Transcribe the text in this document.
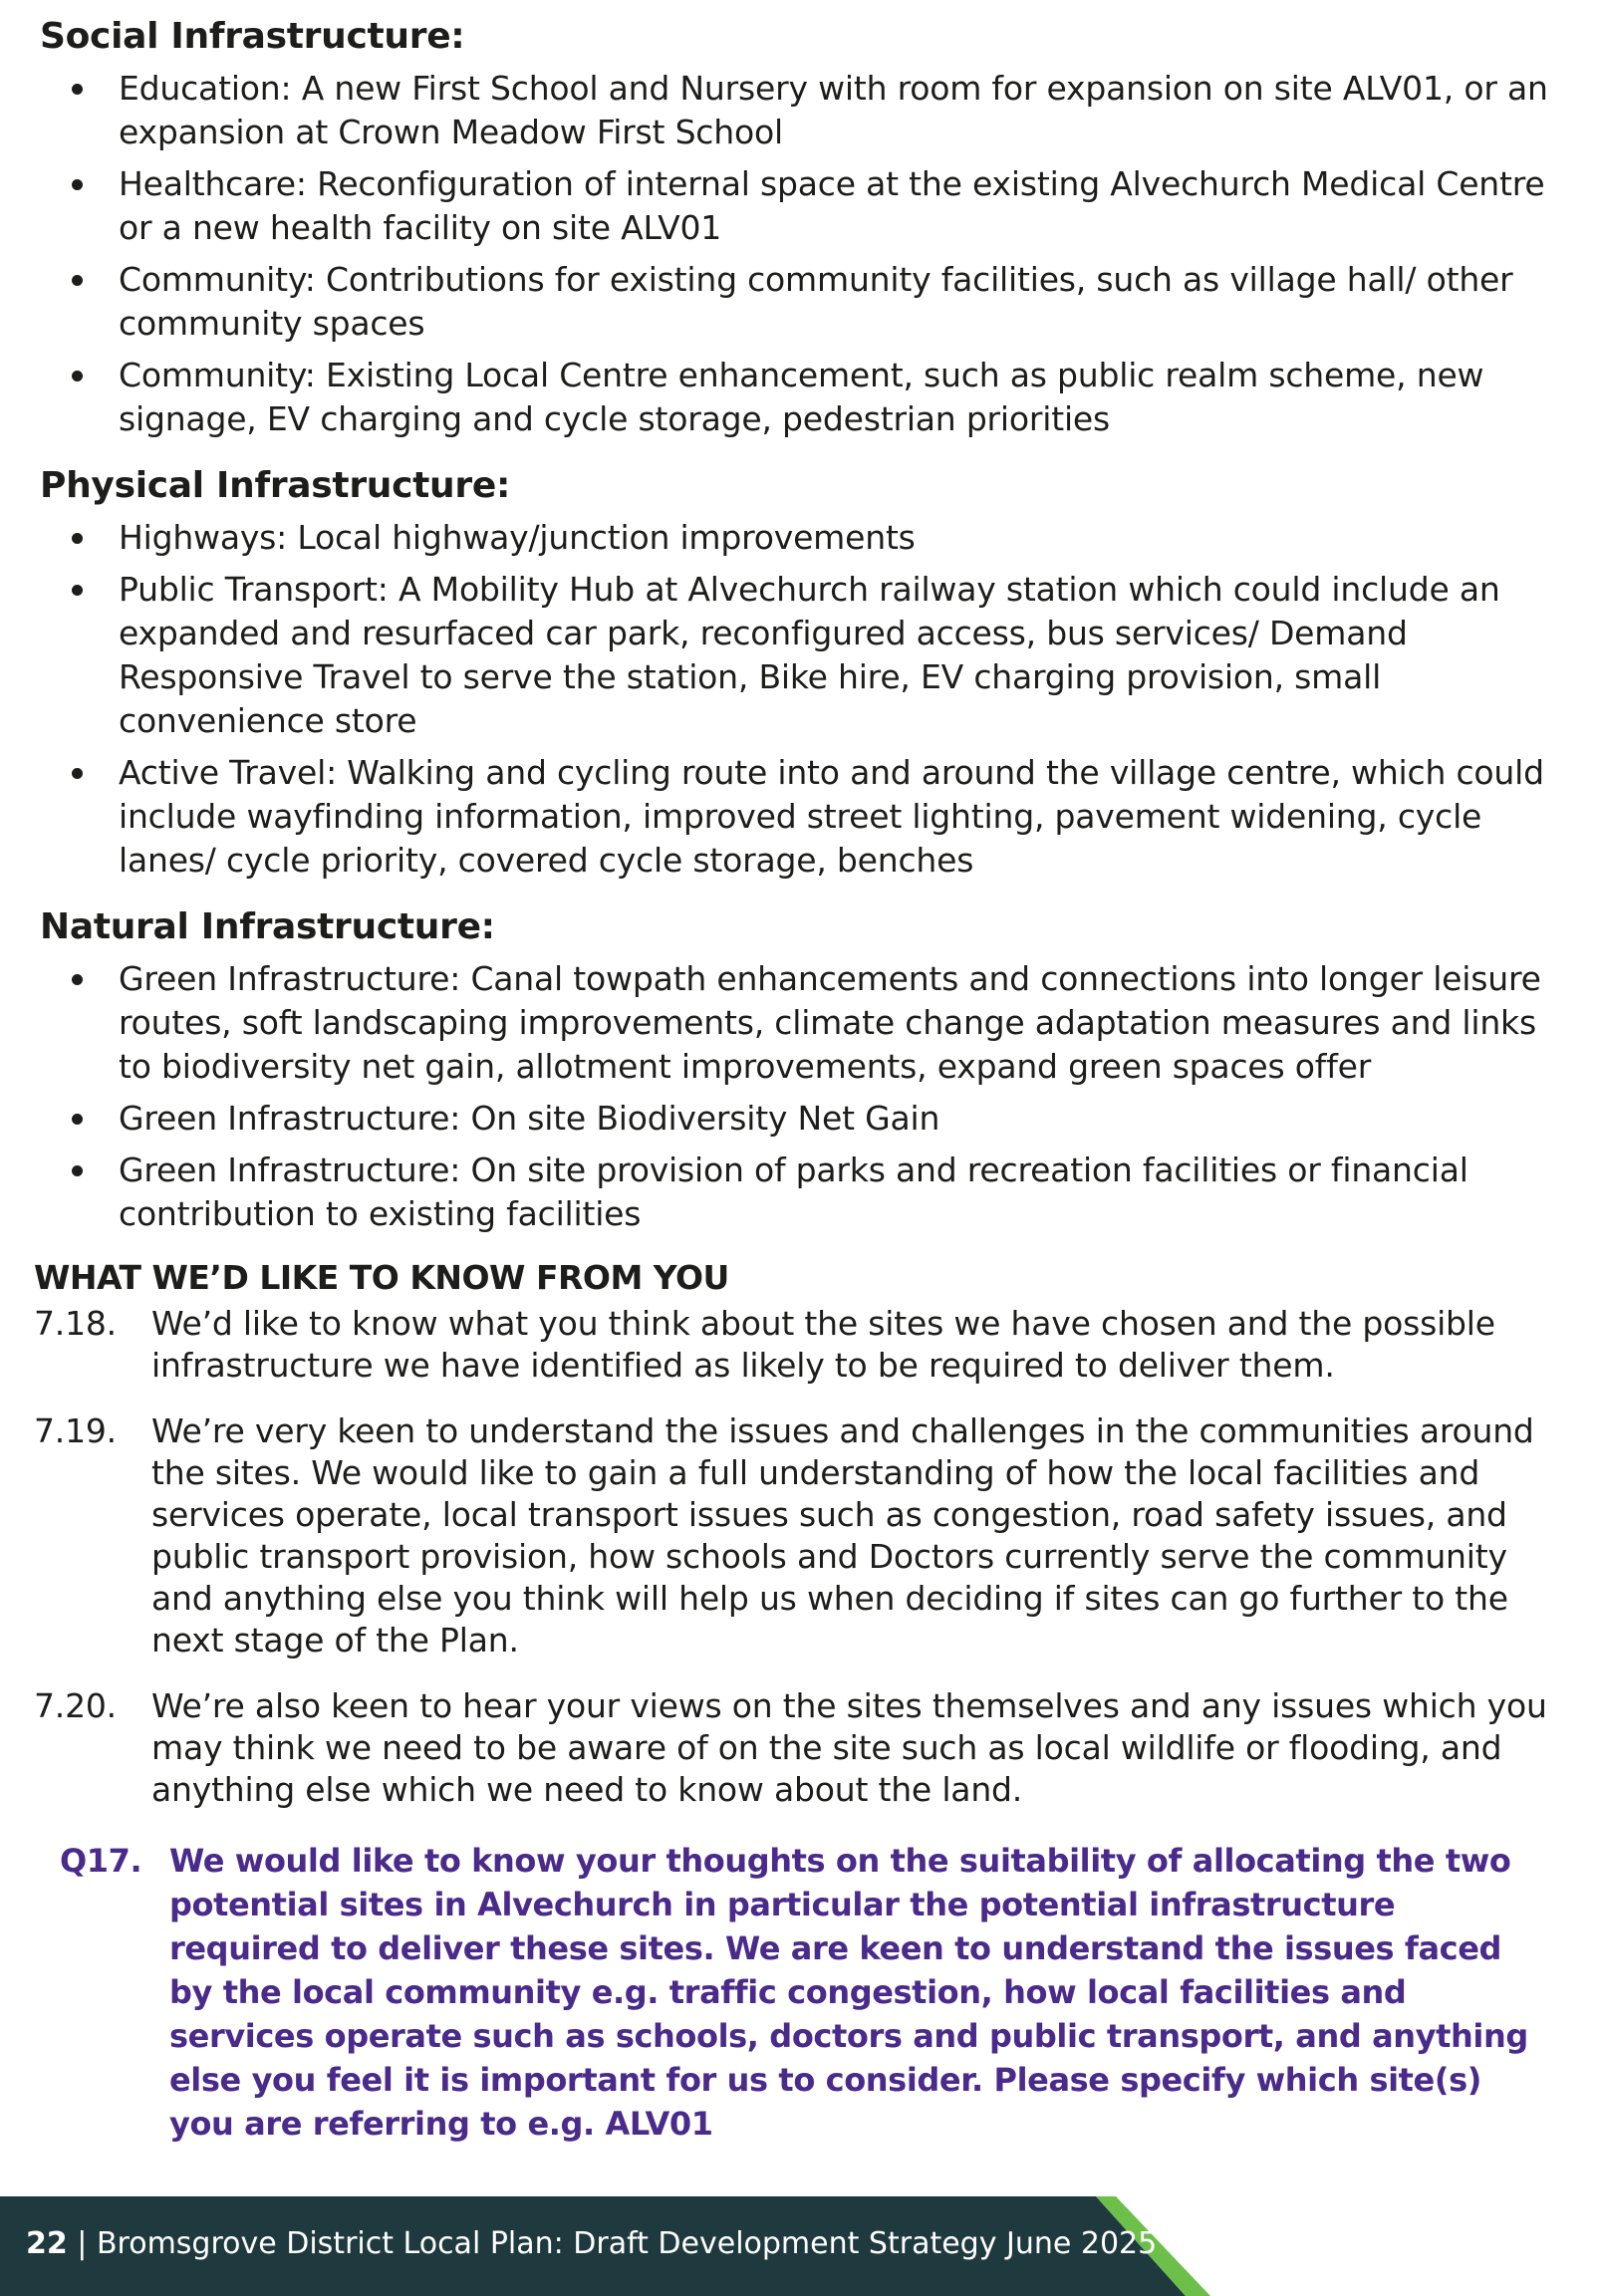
Social Infrastructure:
Education: A new First School and Nursery with room for expansion on site ALV01, or an expansion at Crown Meadow First School
Healthcare: Reconfiguration of internal space at the existing Alvechurch Medical Centre or a new health facility on site ALV01
Community: Contributions for existing community facilities, such as village hall/ other community spaces
Community: Existing Local Centre enhancement, such as public realm scheme, new signage, EV charging and cycle storage, pedestrian priorities
Physical Infrastructure:
Highways: Local highway/junction improvements
Public Transport: A Mobility Hub at Alvechurch railway station which could include an expanded and resurfaced car park, reconfigured access, bus services/ Demand Responsive Travel to serve the station, Bike hire, EV charging provision, small convenience store
Active Travel: Walking and cycling route into and around the village centre, which could include wayfinding information, improved street lighting, pavement widening, cycle lanes/ cycle priority, covered cycle storage, benches
Natural Infrastructure:
Green Infrastructure: Canal towpath enhancements and connections into longer leisure routes, soft landscaping improvements, climate change adaptation measures and links to biodiversity net gain, allotment improvements, expand green spaces offer
Green Infrastructure: On site Biodiversity Net Gain
Green Infrastructure: On site provision of parks and recreation facilities or financial contribution to existing facilities
WHAT WE’D LIKE TO KNOW FROM YOU
7.18.	We’d like to know what you think about the sites we have chosen and the possible infrastructure we have identified as likely to be required to deliver them.
7.19.	We’re very keen to understand the issues and challenges in the communities around the sites. We would like to gain a full understanding of how the local facilities and services operate, local transport issues such as congestion, road safety issues, and public transport provision, how schools and Doctors currently serve the community and anything else you think will help us when deciding if sites can go further to the next stage of the Plan.
7.20.	We’re also keen to hear your views on the sites themselves and any issues which you may think we need to be aware of on the site such as local wildlife or flooding, and anything else which we need to know about the land.
Q17. We would like to know your thoughts on the suitability of allocating the two potential sites in Alvechurch in particular the potential infrastructure required to deliver these sites. We are keen to understand the issues faced by the local community e.g. traffic congestion, how local facilities and services operate such as schools, doctors and public transport, and anything else you feel it is important for us to consider. Please specify which site(s) you are referring to e.g. ALV01
22 | Bromsgrove District Local Plan: Draft Development Strategy June 2025
